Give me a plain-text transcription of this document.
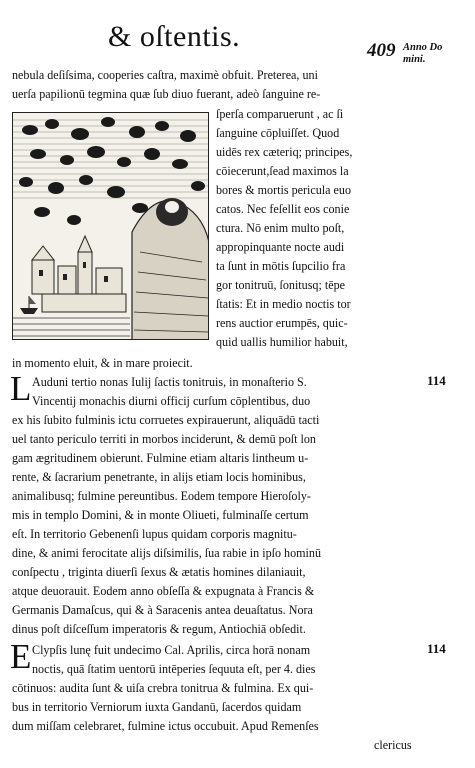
& oſtentis.	409 Anno Do
mini.
nebula deſiſsima, cooperies caſtra, maximè obfuit. Preterea, uni
uerſa papilionū tegmina quæ ſub diuo fuerant, adeò ſanguine re-
ſperſa comparuerunt , ac ſi
ſanguine cōpluiſſet. Quod
uidēs rex cæteriq; principes,
cōiecerunt,ſead maximos la
bores & mortis pericula euo
catos. Nec feſellit eos conie
ctura. Nō enim multo poſt,
appropinquante nocte audi
ta ſunt in mōtis ſupcilio fra
gor tonitruū, ſonitusq; tēpe
ſtatis: Et in medio noctis tor
rens auctior erumpēs, quic-
quid uallis humilior habuit,
in momento eluit, & in mare proiecit.
L	114
Auduni tertio nonas Iulij ſactis tonitruis, in monaſterio S.
Vincentij monachis diurni officij curſum cōplentibus, duo
ex his ſubito fulminis ictu corruetes expirauerunt, aliquādū tacti
uel tanto periculo territi in morbos inciderunt, & demū poſt lon
gam ægritudinem obierunt. Fulmine etiam altaris lintheum u-
rente, & ſacrarium penetrante, in alijs etiam locis hominibus,
animalibusq; fulmine pereuntibus. Eodem tempore Hieroſoly-
mis in templo Domini, & in monte Oliueti, fulminaſſe certum
eſt. In territorio Gebenenſi lupus quidam corporis magnitu-
dine, & animi ferocitate alijs diſsimilis, ſua rabie in ipſo hominū
conſpectu , triginta diuerſi ſexus & ætatis homines dilaniauit,
atque deuorauit. Eodem anno obſeſſa & expugnata à Francis &
Germanis Damaſcus, qui & à Saracenis antea deuaſtatus. Nora
dinus poſt diſceſſum imperatoris & regum, Antiochiā obſedit.
E	114
Clypſis lunę fuit undecimo Cal. Aprilis, circa horā nonam
noctis, quā ſtatim uentorū intēperies ſequuta eſt, per 4. dies
cōtinuos: audita ſunt & uiſa crebra tonitrua & fulmina. Ex qui-
bus in territorio Verniorum iuxta Gandanū, ſacerdos quidam
dum miſſam celebraret, fulmine ictus occubuit. Apud Remenſes
clericus
